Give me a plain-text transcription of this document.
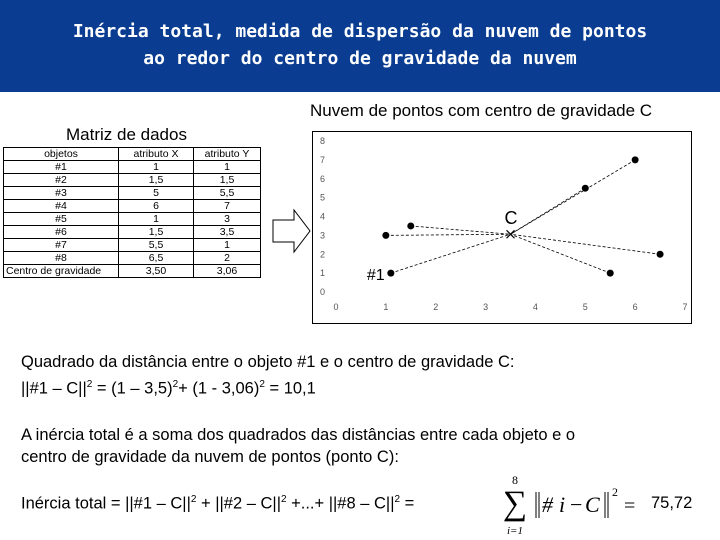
Inércia total, medida de dispersão da nuvem de pontos
ao redor do centro de gravidade da nuvem
Nuvem de pontos com centro de gravidade C
Matriz de dados
objetos	atributo X	atributo Y
#1	1	1
#2	1,5	1,5
#3	5	5,5
#4	6	7
#5	1	3
#6	1,5	3,5
#7	5,5	1
#8	6,5	2
Centro de gravidade	3,50	3,06
0
1
2
3
4
5
6
7
8
0	1	2	3	4	5	6	7
C
#1
Quadrado da distância entre o objeto #1 e o centro de gravidade C:
||#1 – $C||^2 = (1 - 3,5)^2+ (1 - 3,06)^2 = 10,1$
A inércia total é a soma dos quadrados das distâncias entre cada objeto e o
centro de gravidade da nuvem de pontos (ponto C):
Inércia total = ||#1 – $C||^2$ + ||#2 – $C||^2$ +...+ ||#8 – $C||^2$ =
8
∑
i=1
# i − C 2
= 75,72
